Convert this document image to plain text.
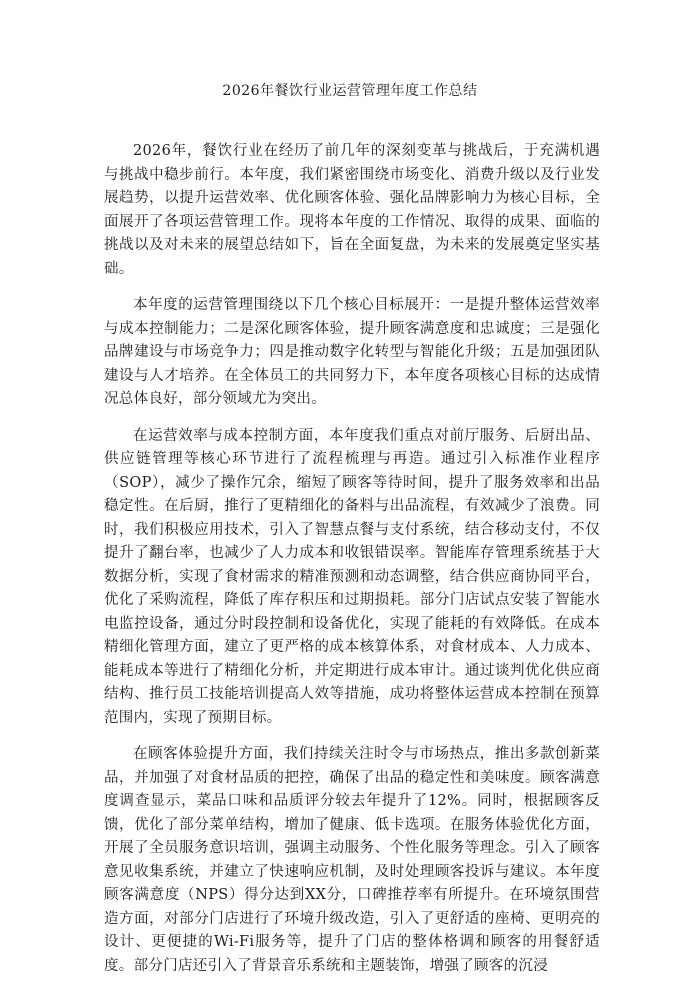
2026年餐饮行业运营管理年度工作总结

2026年，餐饮行业在经历了前几年的深刻变革与挑战后，于充满机遇与挑战中稳步前行。本年度，我们紧密围绕市场变化、消费升级以及行业发展趋势，以提升运营效率、优化顾客体验、强化品牌影响力为核心目标，全面展开了各项运营管理工作。现将本年度的工作情况、取得的成果、面临的挑战以及对未来的展望总结如下，旨在全面复盘，为未来的发展奠定坚实基础。

本年度的运营管理围绕以下几个核心目标展开：一是提升整体运营效率与成本控制能力；二是深化顾客体验，提升顾客满意度和忠诚度；三是强化品牌建设与市场竞争力；四是推动数字化转型与智能化升级；五是加强团队建设与人才培养。在全体员工的共同努力下，本年度各项核心目标的达成情况总体良好，部分领域尤为突出。

在运营效率与成本控制方面，本年度我们重点对前厅服务、后厨出品、供应链管理等核心环节进行了流程梳理与再造。通过引入标准作业程序（SOP），减少了操作冗余，缩短了顾客等待时间，提升了服务效率和出品稳定性。在后厨，推行了更精细化的备料与出品流程，有效减少了浪费。同时，我们积极应用技术，引入了智慧点餐与支付系统，结合移动支付，不仅提升了翻台率，也减少了人力成本和收银错误率。智能库存管理系统基于大数据分析，实现了食材需求的精准预测和动态调整，结合供应商协同平台，优化了采购流程，降低了库存积压和过期损耗。部分门店试点安装了智能水电监控设备，通过分时段控制和设备优化，实现了能耗的有效降低。在成本精细化管理方面，建立了更严格的成本核算体系，对食材成本、人力成本、能耗成本等进行了精细化分析，并定期进行成本审计。通过谈判优化供应商结构、推行员工技能培训提高人效等措施，成功将整体运营成本控制在预算范围内，实现了预期目标。

在顾客体验提升方面，我们持续关注时令与市场热点，推出多款创新菜品，并加强了对食材品质的把控，确保了出品的稳定性和美味度。顾客满意度调查显示，菜品口味和品质评分较去年提升了12%。同时，根据顾客反馈，优化了部分菜单结构，增加了健康、低卡选项。在服务体验优化方面，开展了全员服务意识培训，强调主动服务、个性化服务等理念。引入了顾客意见收集系统，并建立了快速响应机制，及时处理顾客投诉与建议。本年度顾客满意度（NPS）得分达到XX分，口碑推荐率有所提升。在环境氛围营造方面，对部分门店进行了环境升级改造，引入了更舒适的座椅、更明亮的设计、更便捷的Wi-Fi服务等，提升了门店的整体格调和顾客的用餐舒适度。部分门店还引入了背景音乐系统和主题装饰，增强了顾客的沉浸
